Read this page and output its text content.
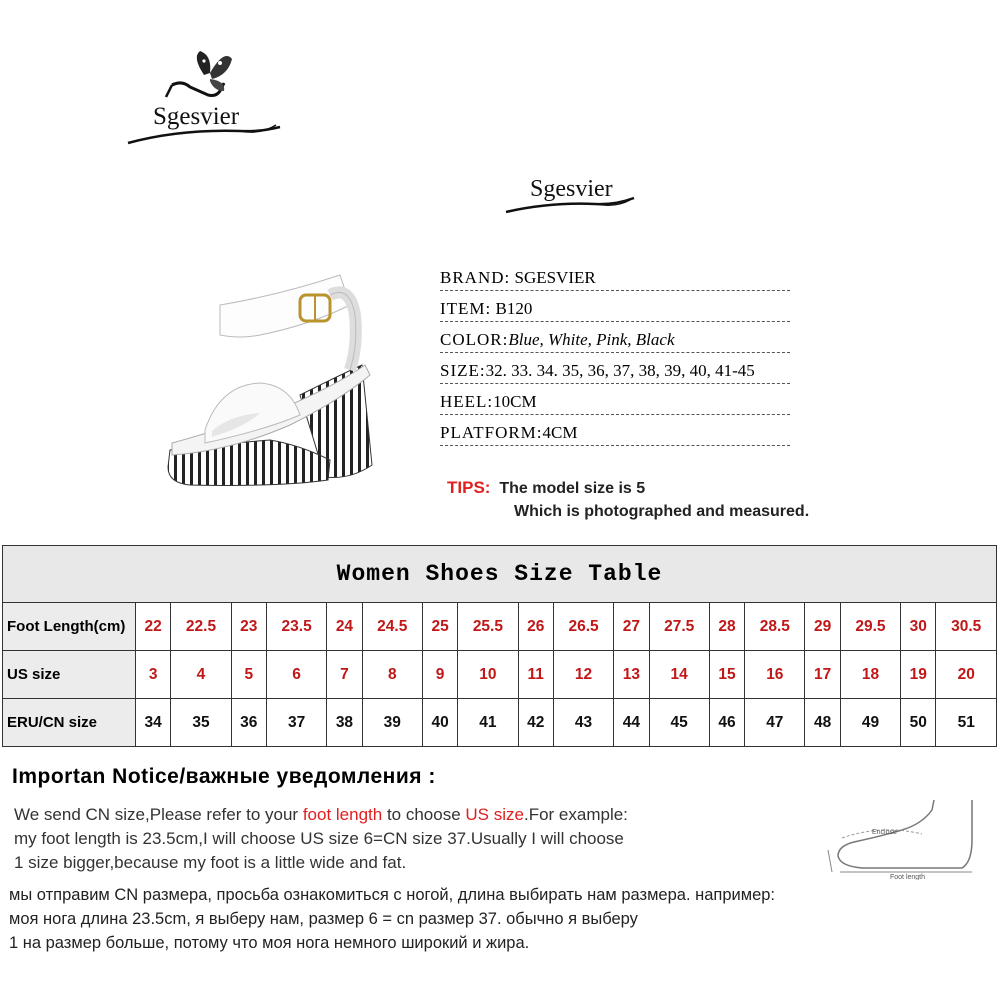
Sgesvier
Sgesvier
BRAND: SGESVIER
ITEM: B120
COLOR:Blue, White, Pink, Black
SIZE:32. 33. 34. 35, 36, 37, 38, 39, 40, 41-45
HEEL:10CM
PLATFORM:4CM
TIPS: The model size is 5
Which is photographed and measured.
Women Shoes Size Table																		
Foot Length(cm)	22	22.5	23	23.5	24	24.5	25	25.5	26	26.5	27	27.5	28	28.5	29	29.5	30	30.5
US size	3	4	5	6	7	8	9	10	11	12	13	14	15	16	17	18	19	20
ERU/CN size	34	35	36	37	38	39	40	41	42	43	44	45	46	47	48	49	50	51
Importan Notice/важные уведомления :
We send CN size,Please refer to your foot length to choose US size.For example:
my foot length is 23.5cm,I will choose US size 6=CN size 37.Usually I will choose
1 size bigger,because my foot is a little wide and fat.
мы отправим CN размера, просьба ознакомиться с ногой, длина выбирать нам размера. например:
моя нога длина 23.5cm, я выберу нам, размер 6 = cn размер 37. обычно я выберу
1 на размер больше, потому что моя нога немного широкий и жира.
Enclose
Foot length
